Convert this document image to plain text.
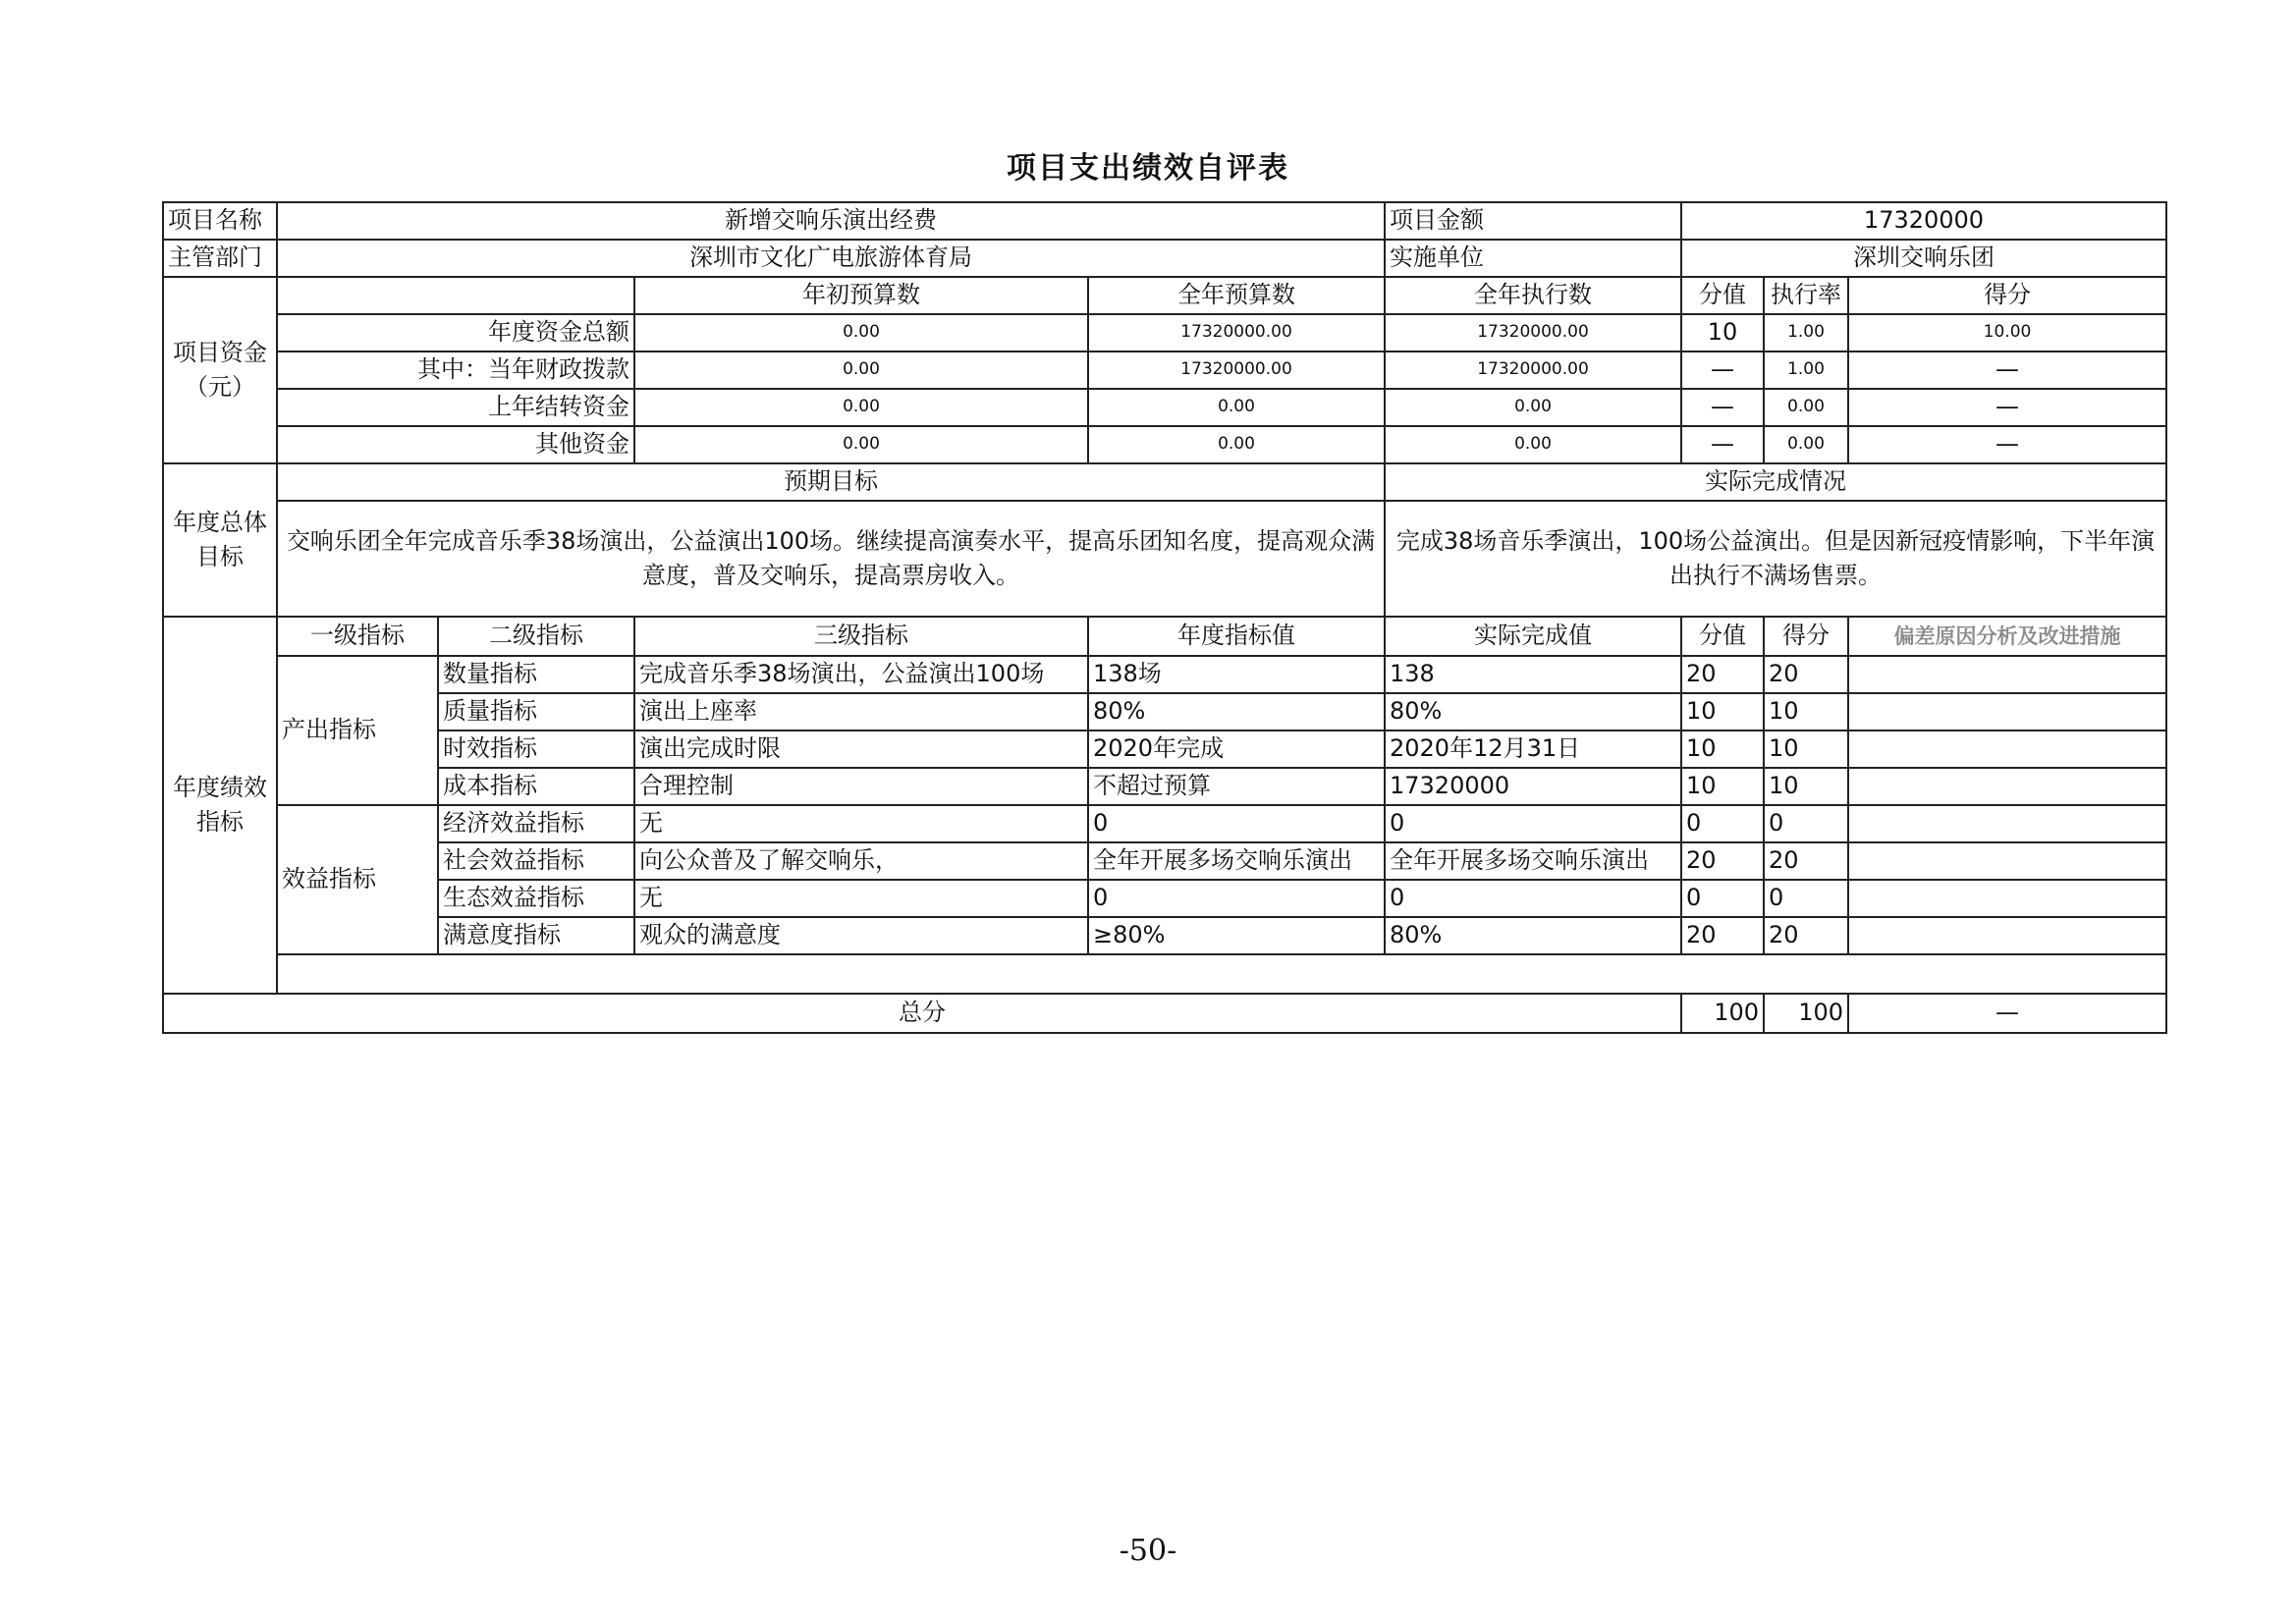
项目支出绩效自评表
项目名称	新增交响乐演出经费				项目金额	17320000		
主管部门	深圳市文化广电旅游体育局				实施单位	深圳交响乐团		
项目资金（元）			年初预算数	全年预算数	全年执行数	分值	执行率	得分
	年度资金总额		0.00	17320000.00	17320000.00	10	1.00	10.00
	其中：当年财政拨款		0.00	17320000.00	17320000.00	—	1.00	—
	上年结转资金		0.00	0.00	0.00	—	0.00	—
	其他资金		0.00	0.00	0.00	—	0.00	—
年度总体目标	预期目标				实际完成情况			
	交响乐团全年完成音乐季38场演出，公益演出100场。继续提高演奏水平，提高乐团知名度，提高观众满意度，普及交响乐，提高票房收入。				完成38场音乐季演出，100场公益演出。但是因新冠疫情影响，下半年演出执行不满场售票。			
年度绩效指标	一级指标	二级指标	三级指标	年度指标值	实际完成值	分值	得分	偏差原因分析及改进措施
	产出指标	数量指标	完成音乐季38场演出，公益演出100场	138场	138	20	20	
		质量指标	演出上座率	80%	80%	10	10	
		时效指标	演出完成时限	2020年完成	2020年12月31日	10	10	
		成本指标	合理控制	不超过预算	17320000	10	10	
	效益指标	经济效益指标	无	0	0	0	0	
		社会效益指标	向公众普及了解交响乐，	全年开展多场交响乐演出	全年开展多场交响乐演出	20	20	
		生态效益指标	无	0	0	0	0	
		满意度指标	观众的满意度	≥80%	80%	20	20	

总分						100	100	—
-50-
